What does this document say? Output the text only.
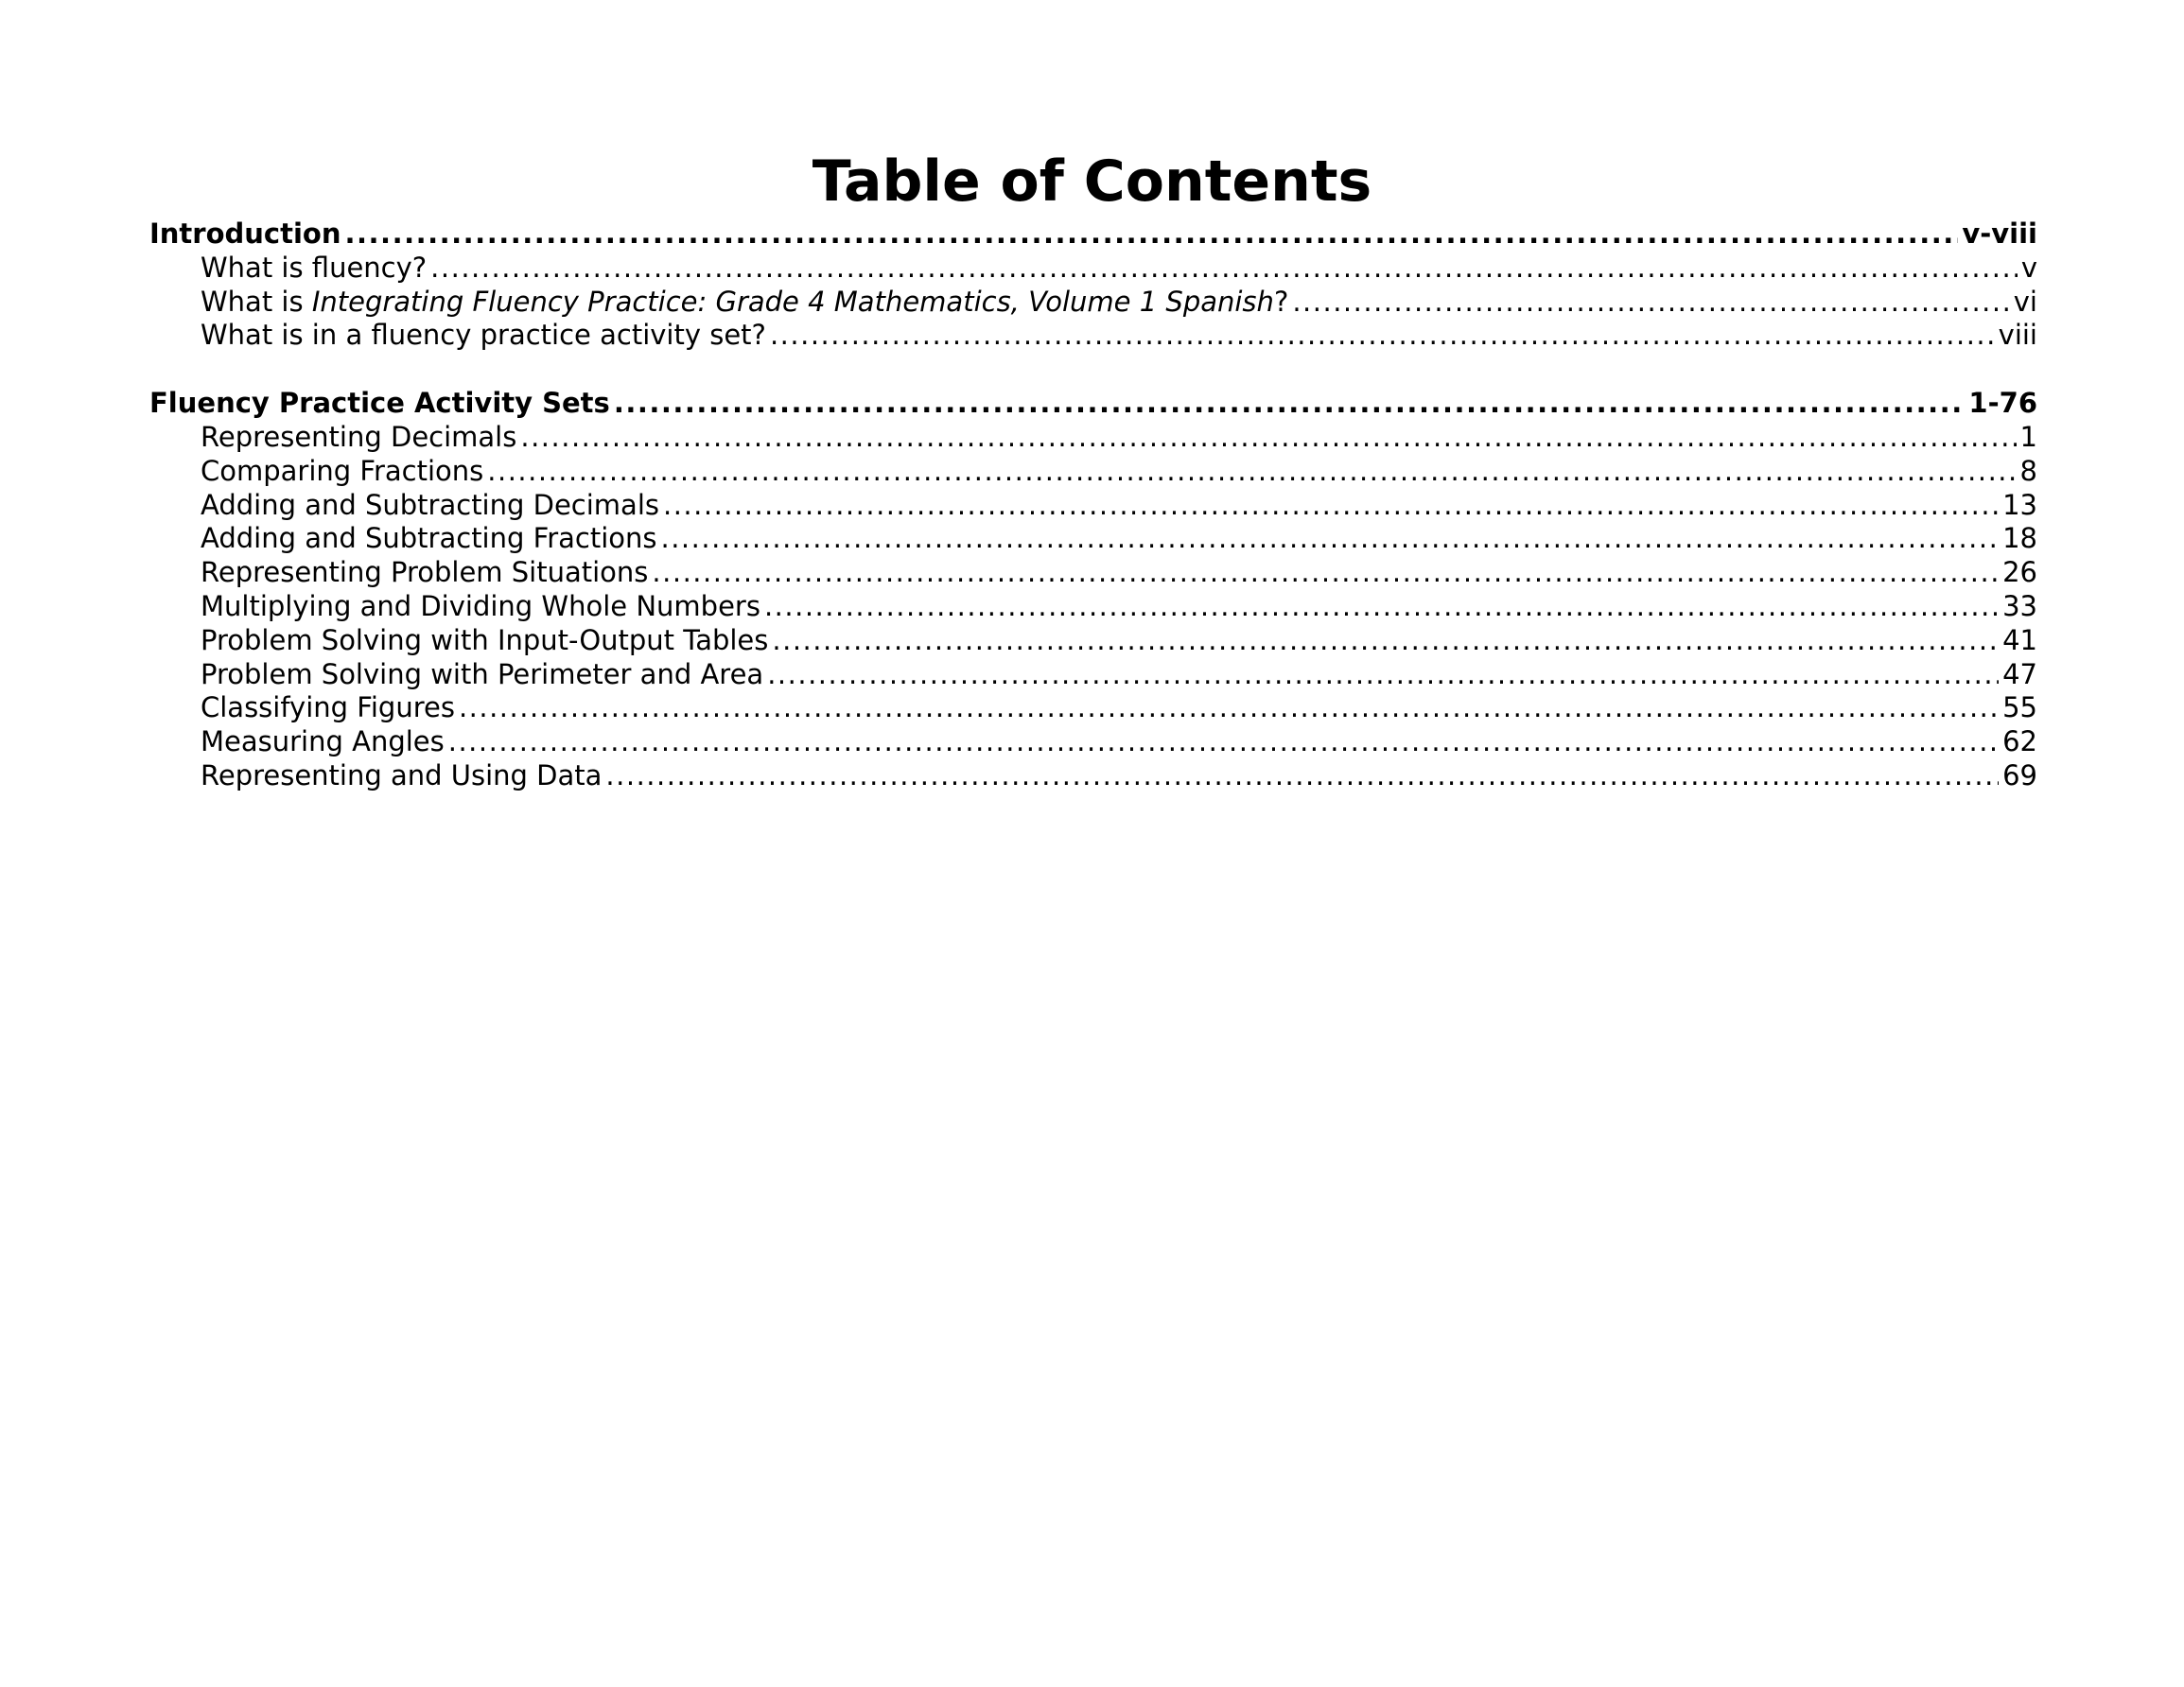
Table of Contents
Introduction .....	v-viii
What is fluency? .....	v
What is Integrating Fluency Practice: Grade 4 Mathematics, Volume 1 Spanish? .....	vi
What is in a fluency practice activity set? .....	viii
Fluency Practice Activity Sets .....	1-76
Representing Decimals .....	1
Comparing Fractions .....	8
Adding and Subtracting Decimals .....	13
Adding and Subtracting Fractions .....	18
Representing Problem Situations .....	26
Multiplying and Dividing Whole Numbers .....	33
Problem Solving with Input-Output Tables .....	41
Problem Solving with Perimeter and Area .....	47
Classifying Figures .....	55
Measuring Angles .....	62
Representing and Using Data .....	69
